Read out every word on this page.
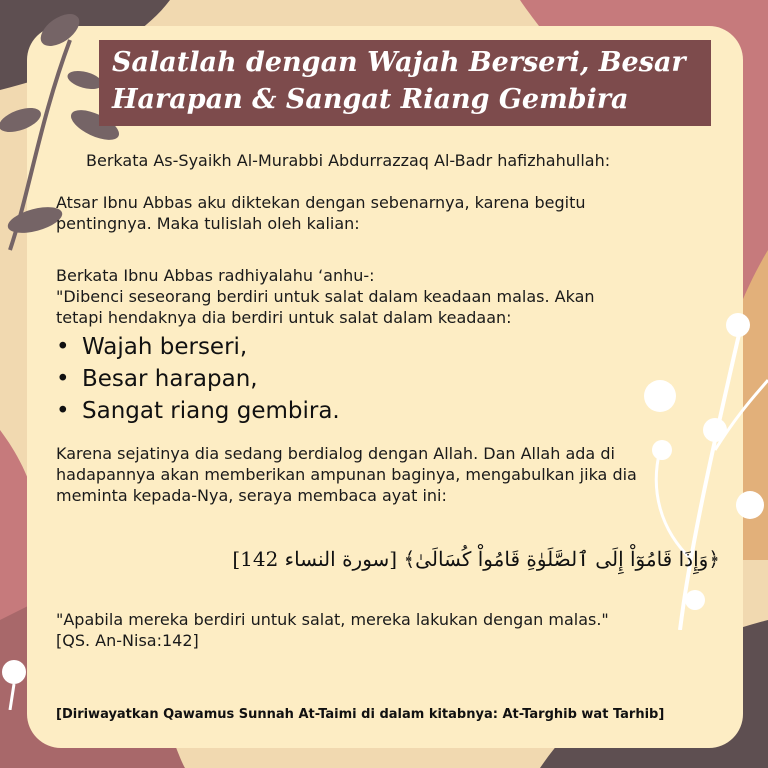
Salatlah dengan Wajah Berseri, Besar
Harapan & Sangat Riang Gembira

Berkata As-Syaikh Al-Murabbi Abdurrazzaq Al-Badr hafizhahullah:

Atsar Ibnu Abbas aku diktekan dengan sebenarnya, karena begitu
pentingnya. Maka tulislah oleh kalian:

Berkata Ibnu Abbas radhiyalahu ‘anhu-:
"Dibenci seseorang berdiri untuk salat dalam keadaan malas. Akan
tetapi hendaknya dia berdiri untuk salat dalam keadaan:

• Wajah berseri,
• Besar harapan,
• Sangat riang gembira.

Karena sejatinya dia sedang berdialog dengan Allah. Dan Allah ada di
hadapannya akan memberikan ampunan baginya, mengabulkan jika dia
meminta kepada-Nya, seraya membaca ayat ini:

﴿وَإِذَا قَامُوٓاْ إِلَى ٱلصَّلَوٰةِ قَامُواْ كُسَالَىٰ﴾ [سورة النساء 142]

"Apabila mereka berdiri untuk salat, mereka lakukan dengan malas."
[QS. An-Nisa:142]

[Diriwayatkan Qawamus Sunnah At-Taimi di dalam kitabnya: At-Targhib wat Tarhib]
